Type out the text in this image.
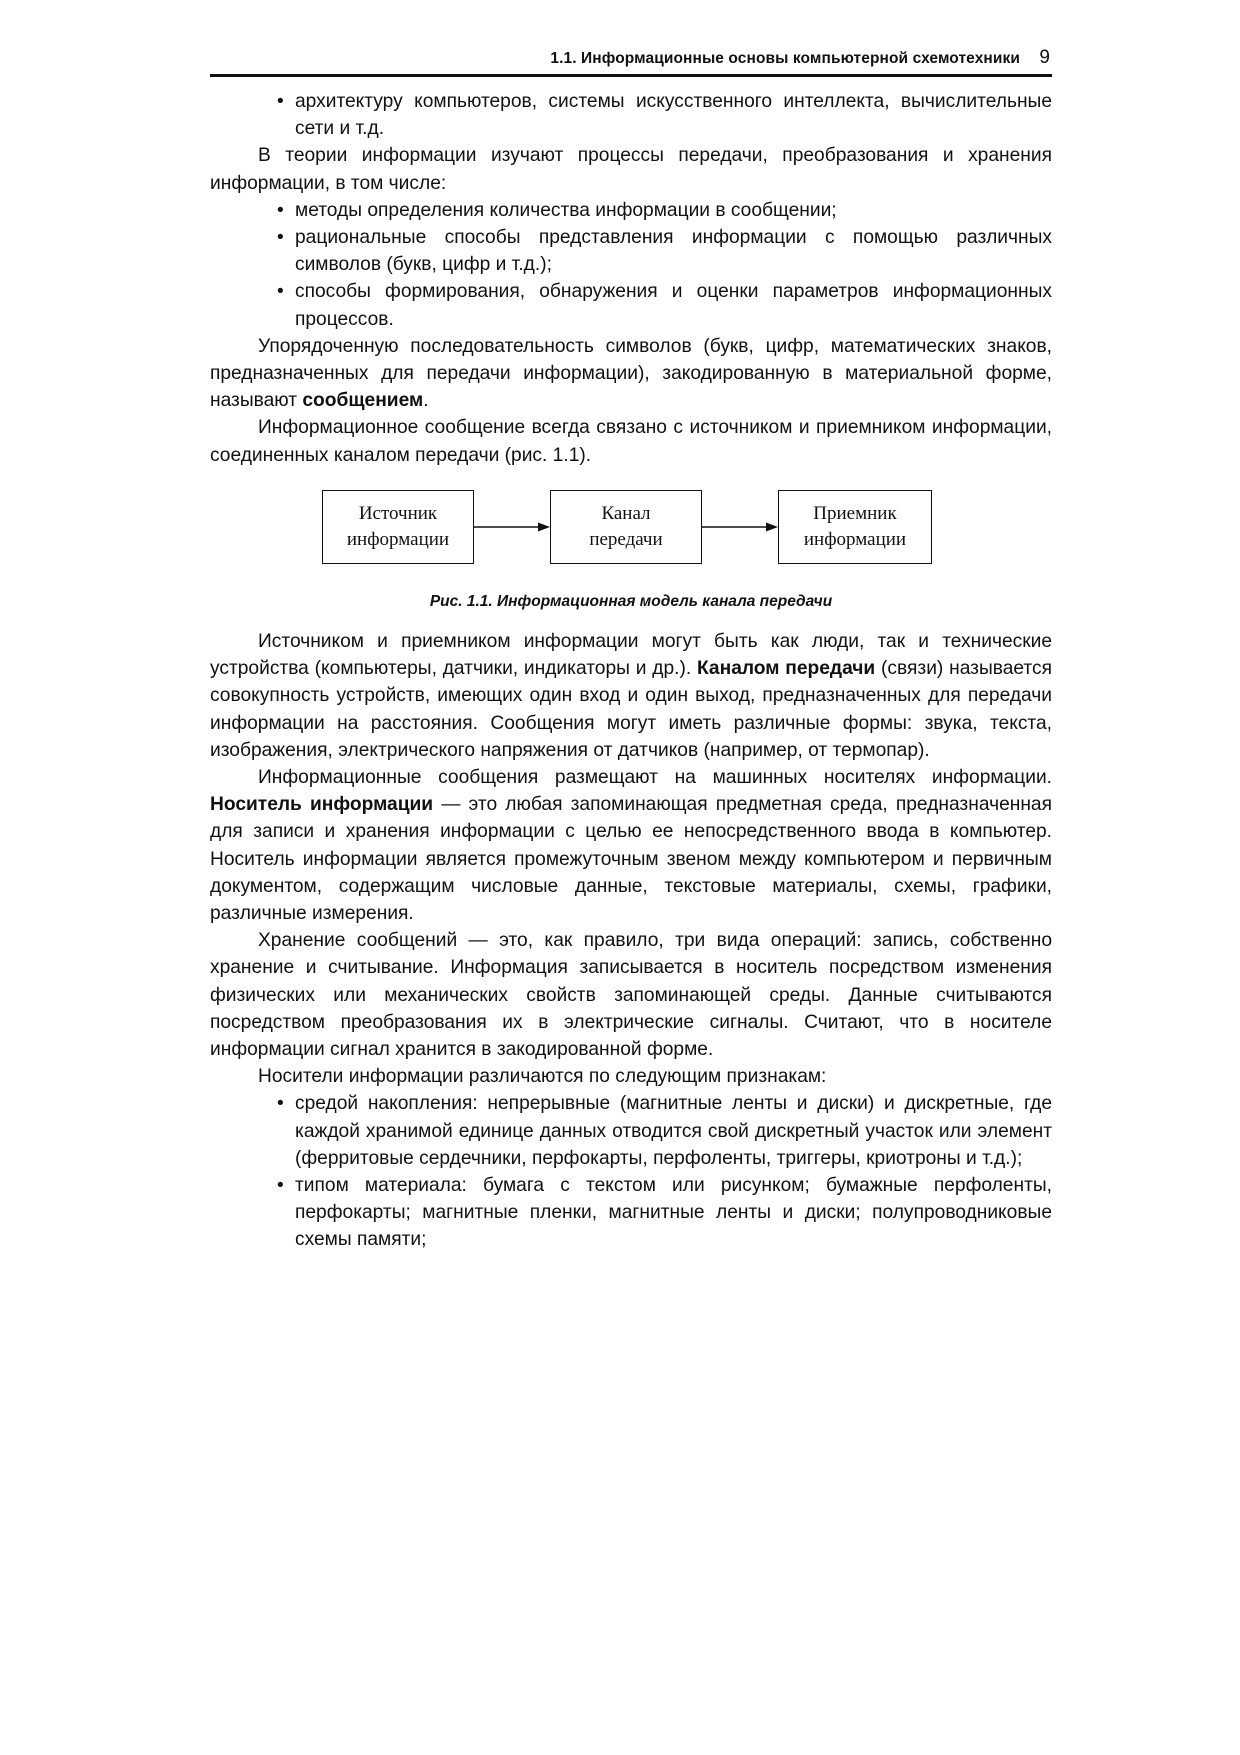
1.1. Информационные основы компьютерной схемотехники 9
• архитектуру компьютеров, системы искусственного интеллекта, вычислительные сети и т.д.

В теории информации изучают процессы передачи, преобразования и хранения информации, в том числе:

• методы определения количества информации в сообщении;
• рациональные способы представления информации с помощью различных символов (букв, цифр и т.д.);
• способы формирования, обнаружения и оценки параметров информационных процессов.

Упорядоченную последовательность символов (букв, цифр, математических знаков, предназначенных для передачи информации), закодированную в материальной форме, называют сообщением.

Информационное сообщение всегда связано с источником и приемником информации, соединенных каналом передачи (рис. 1.1).

Источник
информации
Канал
передачи
Приемник
информации
Рис. 1.1. Информационная модель канала передачи

Источником и приемником информации могут быть как люди, так и технические устройства (компьютеры, датчики, индикаторы и др.). Каналом передачи (связи) называется совокупность устройств, имеющих один вход и один выход, предназначенных для передачи информации на расстояния. Сообщения могут иметь различные формы: звука, текста, изображения, электрического напряжения от датчиков (например, от термопар).

Информационные сообщения размещают на машинных носителях информации. Носитель информации — это любая запоминающая предметная среда, предназначенная для записи и хранения информации с целью ее непосредственного ввода в компьютер. Носитель информации является промежуточным звеном между компьютером и первичным документом, содержащим числовые данные, текстовые материалы, схемы, графики, различные измерения.

Хранение сообщений — это, как правило, три вида операций: запись, собственно хранение и считывание. Информация записывается в носитель посредством изменения физических или механических свойств запоминающей среды. Данные считываются посредством преобразования их в электрические сигналы. Считают, что в носителе информации сигнал хранится в закодированной форме.

Носители информации различаются по следующим признакам:

• средой накопления: непрерывные (магнитные ленты и диски) и дискретные, где каждой хранимой единице данных отводится свой дискретный участок или элемент (ферритовые сердечники, перфокарты, перфоленты, триггеры, криотроны и т.д.);
• типом материала: бумага с текстом или рисунком; бумажные перфоленты, перфокарты; магнитные пленки, магнитные ленты и диски; полупроводниковые схемы памяти;
